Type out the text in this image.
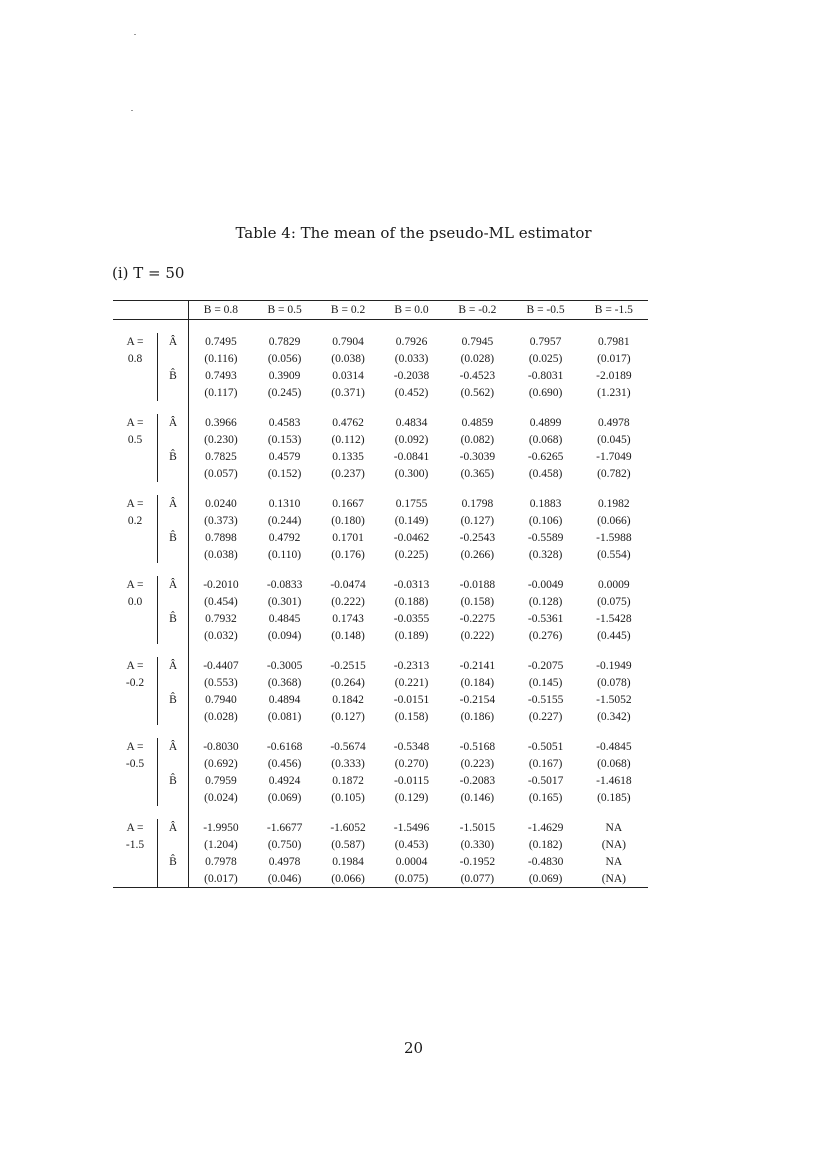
Table 4: The mean of the pseudo-ML estimator
(i) T = 50
		B = 0.8	B = 0.5	B = 0.2	B = 0.0	B = -0.2	B = -0.5	B = -1.5

A =	Â	0.7495	0.7829	0.7904	0.7926	0.7945	0.7957	0.7981
0.8		(0.116)	(0.056)	(0.038)	(0.033)	(0.028)	(0.025)	(0.017)
	B̂	0.7493	0.3909	0.0314	-0.2038	-0.4523	-0.8031	-2.0189
		(0.117)	(0.245)	(0.371)	(0.452)	(0.562)	(0.690)	(1.231)

A =	Â	0.3966	0.4583	0.4762	0.4834	0.4859	0.4899	0.4978
0.5		(0.230)	(0.153)	(0.112)	(0.092)	(0.082)	(0.068)	(0.045)
	B̂	0.7825	0.4579	0.1335	-0.0841	-0.3039	-0.6265	-1.7049
		(0.057)	(0.152)	(0.237)	(0.300)	(0.365)	(0.458)	(0.782)

A =	Â	0.0240	0.1310	0.1667	0.1755	0.1798	0.1883	0.1982
0.2		(0.373)	(0.244)	(0.180)	(0.149)	(0.127)	(0.106)	(0.066)
	B̂	0.7898	0.4792	0.1701	-0.0462	-0.2543	-0.5589	-1.5988
		(0.038)	(0.110)	(0.176)	(0.225)	(0.266)	(0.328)	(0.554)

A =	Â	-0.2010	-0.0833	-0.0474	-0.0313	-0.0188	-0.0049	0.0009
0.0		(0.454)	(0.301)	(0.222)	(0.188)	(0.158)	(0.128)	(0.075)
	B̂	0.7932	0.4845	0.1743	-0.0355	-0.2275	-0.5361	-1.5428
		(0.032)	(0.094)	(0.148)	(0.189)	(0.222)	(0.276)	(0.445)

A =	Â	-0.4407	-0.3005	-0.2515	-0.2313	-0.2141	-0.2075	-0.1949
-0.2		(0.553)	(0.368)	(0.264)	(0.221)	(0.184)	(0.145)	(0.078)
	B̂	0.7940	0.4894	0.1842	-0.0151	-0.2154	-0.5155	-1.5052
		(0.028)	(0.081)	(0.127)	(0.158)	(0.186)	(0.227)	(0.342)

A =	Â	-0.8030	-0.6168	-0.5674	-0.5348	-0.5168	-0.5051	-0.4845
-0.5		(0.692)	(0.456)	(0.333)	(0.270)	(0.223)	(0.167)	(0.068)
	B̂	0.7959	0.4924	0.1872	-0.0115	-0.2083	-0.5017	-1.4618
		(0.024)	(0.069)	(0.105)	(0.129)	(0.146)	(0.165)	(0.185)

A =	Â	-1.9950	-1.6677	-1.6052	-1.5496	-1.5015	-1.4629	NA
-1.5		(1.204)	(0.750)	(0.587)	(0.453)	(0.330)	(0.182)	(NA)
	B̂	0.7978	0.4978	0.1984	0.0004	-0.1952	-0.4830	NA
		(0.017)	(0.046)	(0.066)	(0.075)	(0.077)	(0.069)	(NA)
20
